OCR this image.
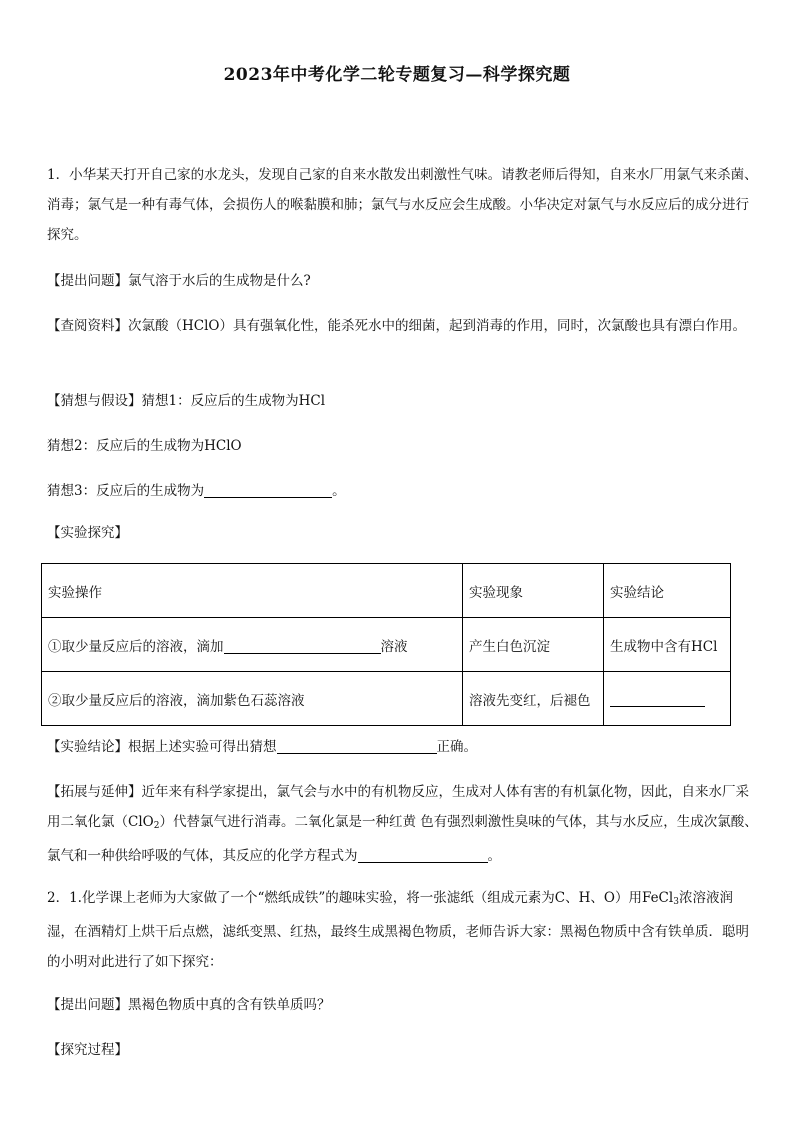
2023年中考化学二轮专题复习—科学探究题
1．小华某天打开自己家的水龙头，发现自己家的自来水散发出刺激性气味。请教老师后得知，自来水厂用氯气来杀菌、消毒；氯气是一种有毒气体，会损伤人的喉黏膜和肺；氯气与水反应会生成酸。小华决定对氯气与水反应后的成分进行探究。
【提出问题】氯气溶于水后的生成物是什么?
【查阅资料】次氯酸（HClO）具有强氧化性，能杀死水中的细菌，起到消毒的作用，同时，次氯酸也具有漂白作用。
【猜想与假设】猜想1：反应后的生成物为HCl
猜想2：反应后的生成物为HClO
猜想3：反应后的生成物为	。
【实验探究】
实验操作	实验现象	实验结论
①取少量反应后的溶液，滴加 溶液	产生白色沉淀	生成物中含有HCl
②取少量反应后的溶液，滴加紫色石蕊溶液	溶液先变红，后褪色	
【实验结论】根据上述实验可得出猜想	正确。
【拓展与延伸】近年来有科学家提出，氯气会与水中的有机物反应，生成对人体有害的有机氯化物，因此，自来水厂采用二氧化氯（ClO$_2$）代替氯气进行消毒。二氧化氯是一种红黄 色有强烈刺激性臭味的气体，其与水反应，生成次氯酸、氯气和一种供给呼吸的气体，其反应的化学方程式为	。
2．1.化学课上老师为大家做了一个“燃纸成铁”的趣味实验，将一张滤纸（组成元素为C、H、O）用FeCl$_3$浓溶液润湿，在酒精灯上烘干后点燃，滤纸变黑、红热，最终生成黑褐色物质，老师告诉大家：黑褐色物质中含有铁单质．聪明的小明对此进行了如下探究：
【提出问题】黑褐色物质中真的含有铁单质吗？
【探究过程】
